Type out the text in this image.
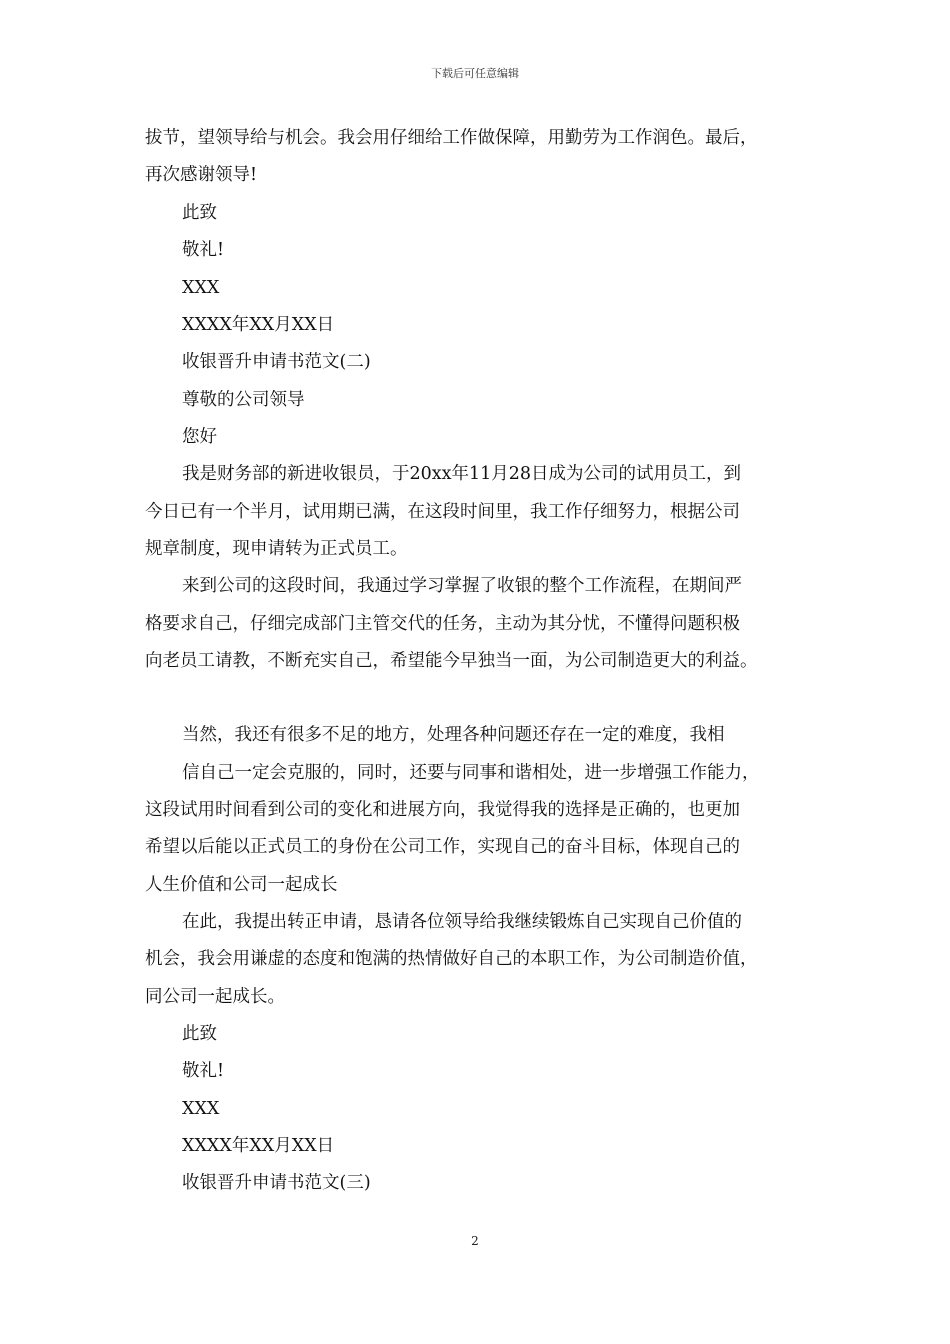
下载后可任意编辑
拔节，望领导给与机会。我会用仔细给工作做保障，用勤劳为工作润色。最后，
再次感谢领导!
此致
敬礼!
XXX
XXXX年XX月XX日
收银晋升申请书范文(二)
尊敬的公司领导
您好
我是财务部的新进收银员，于20xx年11月28日成为公司的试用员工，到
今日已有一个半月，试用期已满，在这段时间里，我工作仔细努力，根据公司
规章制度，现申请转为正式员工。
来到公司的这段时间，我通过学习掌握了收银的整个工作流程，在期间严
格要求自己，仔细完成部门主管交代的任务，主动为其分忧，不懂得问题积极
向老员工请教，不断充实自己，希望能今早独当一面，为公司制造更大的利益。
当然，我还有很多不足的地方，处理各种问题还存在一定的难度，我相
信自己一定会克服的，同时，还要与同事和谐相处，进一步增强工作能力，
这段试用时间看到公司的变化和进展方向，我觉得我的选择是正确的，也更加
希望以后能以正式员工的身份在公司工作，实现自己的奋斗目标，体现自己的
人生价值和公司一起成长
在此，我提出转正申请，恳请各位领导给我继续锻炼自己实现自己价值的
机会，我会用谦虚的态度和饱满的热情做好自己的本职工作，为公司制造价值，
同公司一起成长。
此致
敬礼!
XXX
XXXX年XX月XX日
收银晋升申请书范文(三)
2
